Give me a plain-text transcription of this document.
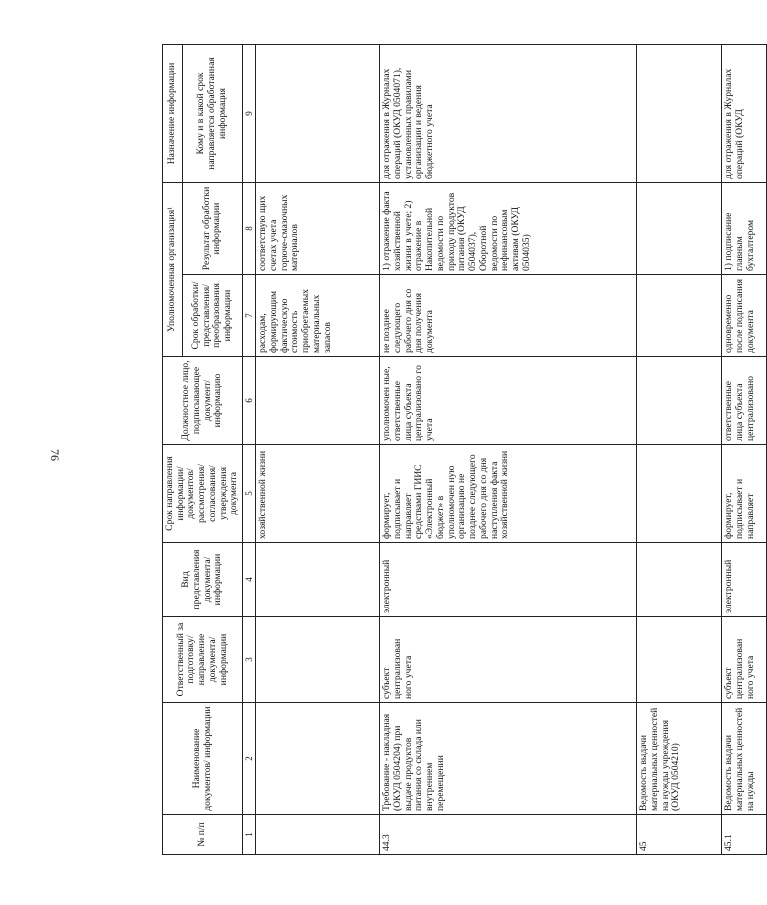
76
№ п/п	Наименование документов/ информации	Ответственный за подготовку/ направление документа/ информации	Вид представления документа/ информации	Срок направления информации/ документов/ рассмотрения/ согласования/ утверждения документа	Должностное лицо, подписывающее документ/ информацию	Уполномоченная организация¹		Назначение информации
						Срок обработки/ представления/ преобразования информации	Результат обработки информации	Кому и в какой срок направляется обработанная информация
1	2	3	4	5	6	7	8	9
				хозяйственной жизни		расходам, формирующим фактическую стоимость приобретаемых материальных запасов	соответствую щих счетах учета горюче-смазочных материалов	
44.3	Требование - накладная (ОКУД 0504204) при выдаче продуктов питания со склада или внутреннем перемещении	субъект централизован ного учета	электронный	формирует, подписывает и направляет средствами ГИИС «Электронный бюджет» в уполномочен ную организацию не позднее следующего рабочего дня со дня наступления факта хозяйственной жизни	уполномочен ные, ответственные лица субъекта централизовано го учета	не позднее следующего рабочего дня со дня получения документа	1) отражение факта хозяйственной жизни в учете; 2) отражение в Накопительной ведомости по приходу продуктов питания (ОКУД 0504037), Оборотной ведомости по нефинансовым активам (ОКУД 0504035)	для отражения в Журналах операций (ОКУД 0504071), установленных правилами организации и ведения бюджетного учета
45	Ведомость выдачи материальных ценностей на нужды учреждения (ОКУД 0504210)							
45.1	Ведомость выдачи материальных ценностей на нужды	субъект централизован ного учета	электронный	формирует, подписывает и направляет	ответственные лица субъекта централизовано	одновременно после подписания документа	1) подписание главным бухгалтером	для отражения в Журналах операций (ОКУД
